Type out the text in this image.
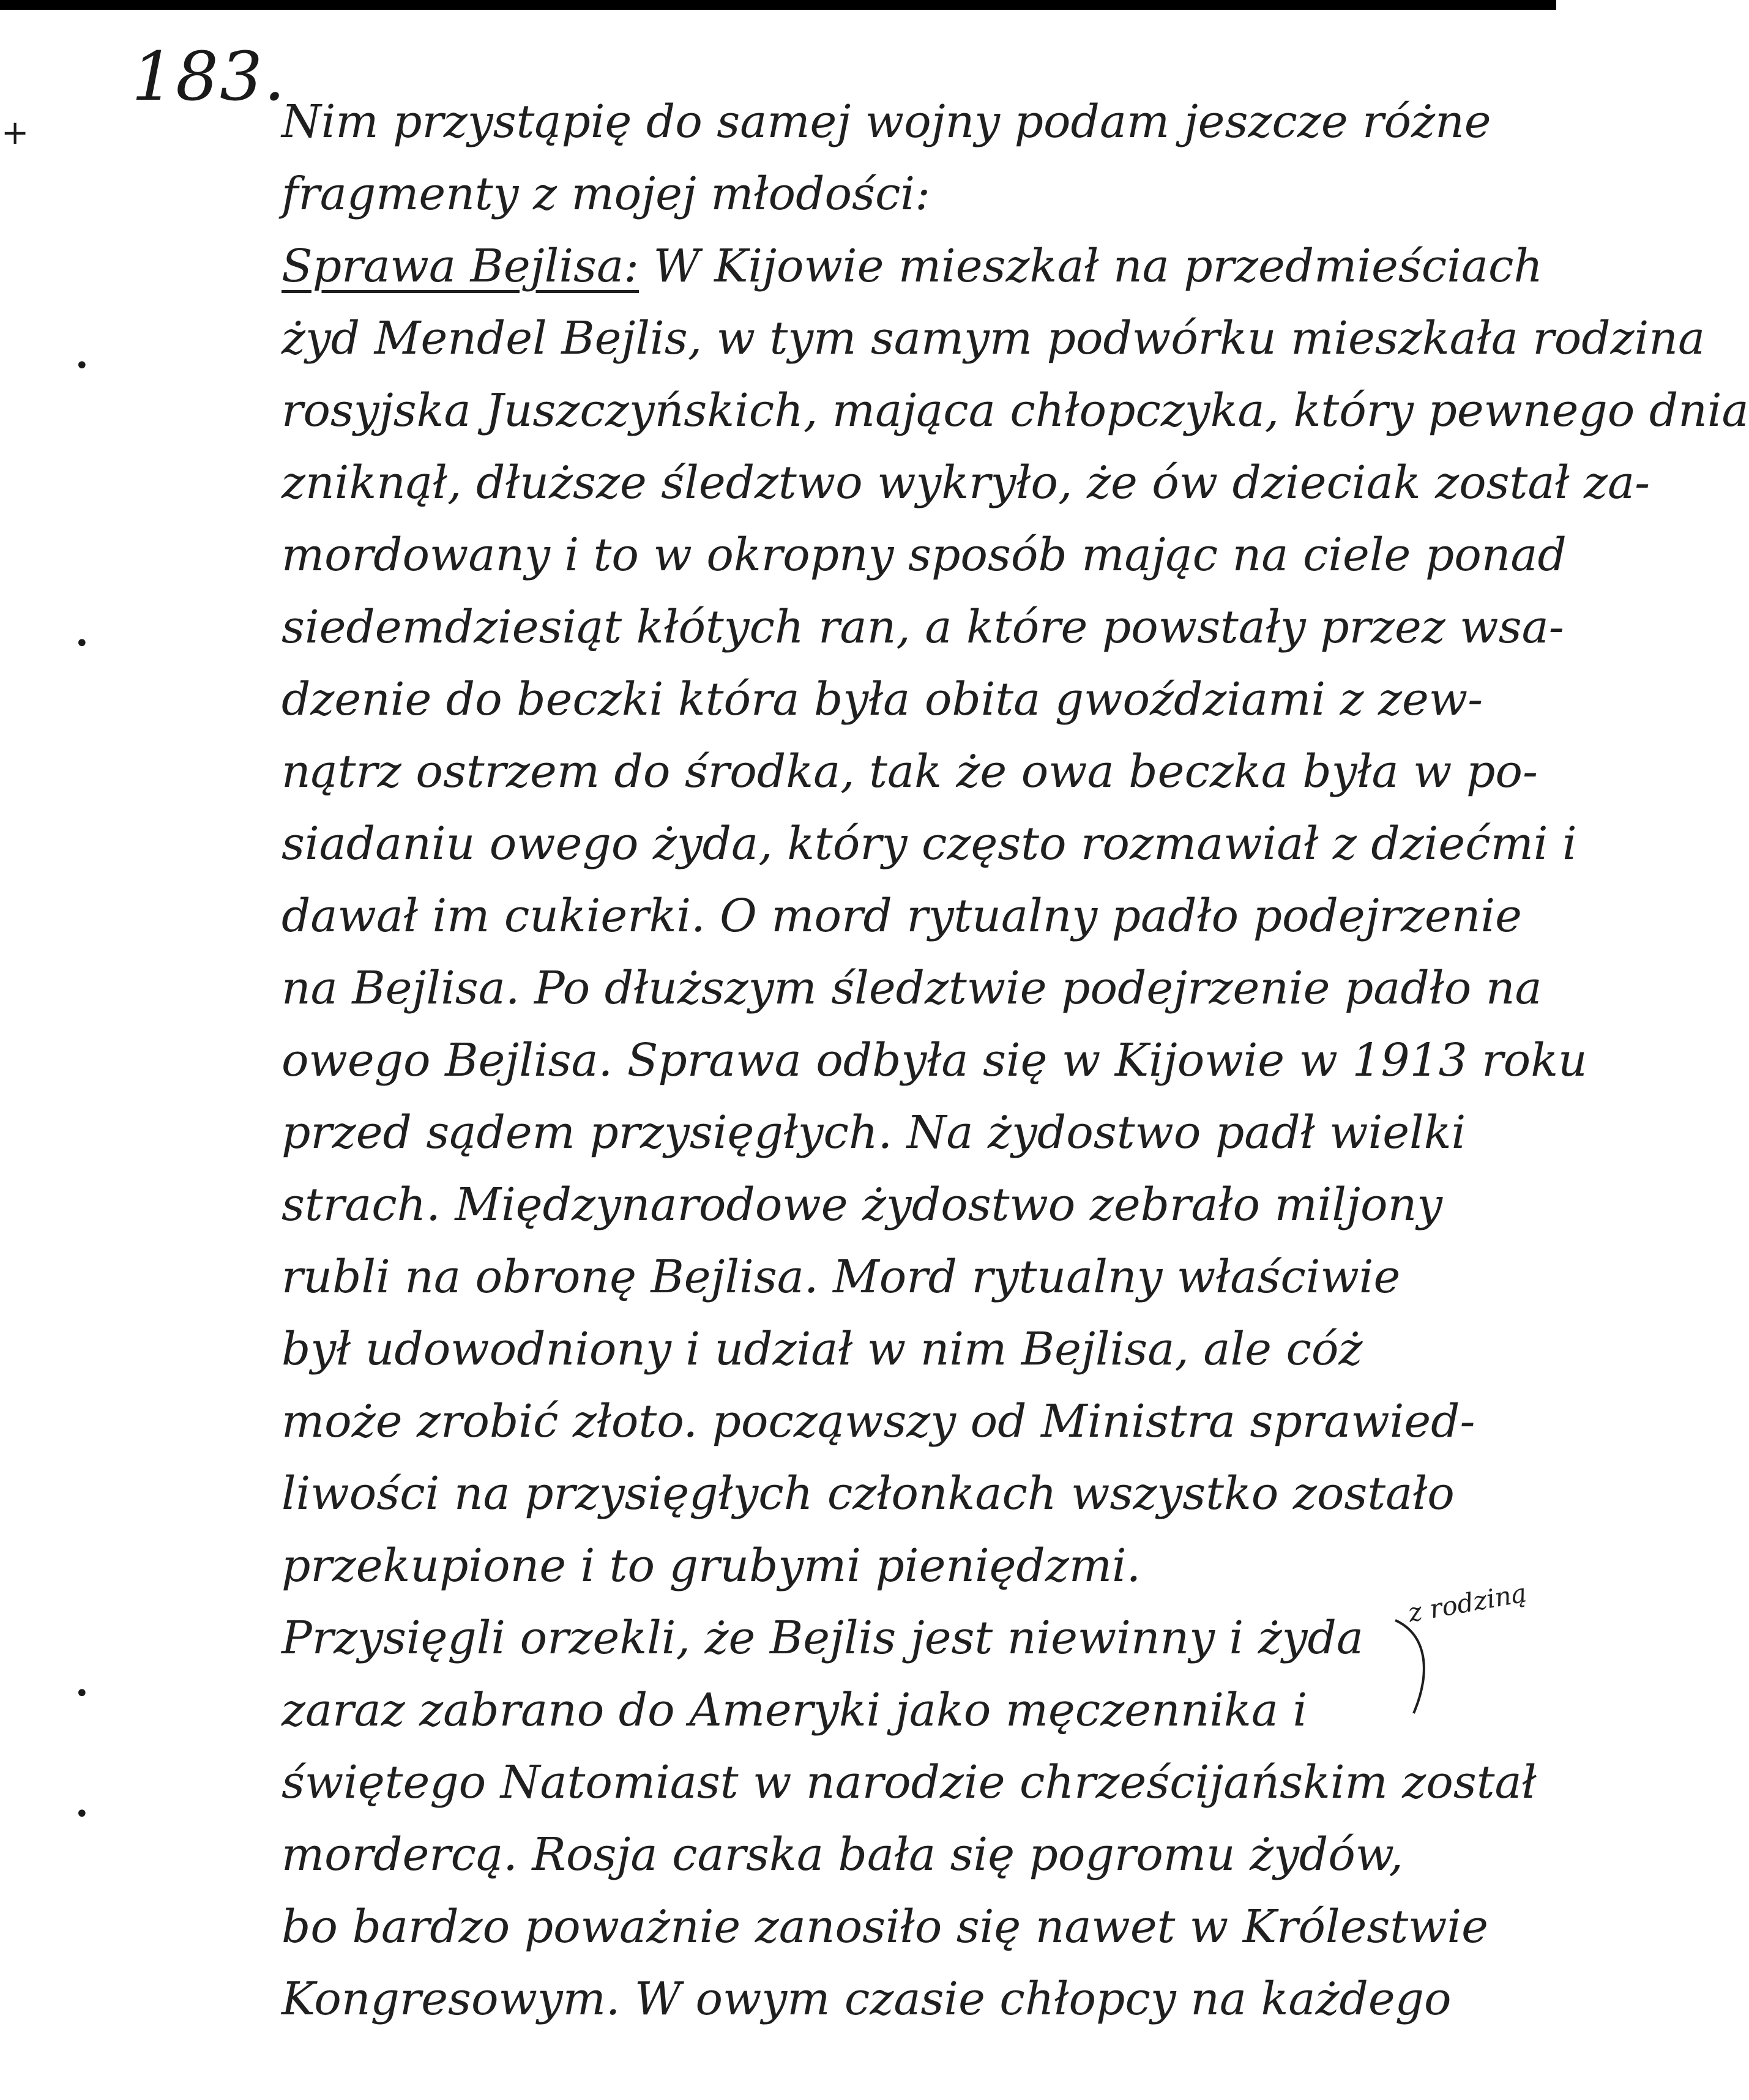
183.
+
•
•
•
•
Nim przystąpię do samej wojny podam jeszcze różne
fragmenty z mojej młodości:
Sprawa Bejlisa: W Kijowie mieszkał na przedmieściach
żyd Mendel Bejlis, w tym samym podwórku mieszkała rodzina
rosyjska Juszczyńskich, mająca chłopczyka, który pewnego dnia
zniknął, dłuższe śledztwo wykryło, że ów dzieciak został za-
mordowany i to w okropny sposób mając na ciele ponad
siedemdziesiąt kłótych ran, a które powstały przez wsa-
dzenie do beczki która była obita gwoździami z zew-
nątrz ostrzem do środka, tak że owa beczka była w po-
siadaniu owego żyda, który często rozmawiał z dziećmi i
dawał im cukierki. O mord rytualny padło podejrzenie
na Bejlisa. Po dłuższym śledztwie podejrzenie padło na
owego Bejlisa. Sprawa odbyła się w Kijowie w 1913 roku
przed sądem przysięgłych. Na żydostwo padł wielki
strach. Międzynarodowe żydostwo zebrało miljony
rubli na obronę Bejlisa. Mord rytualny właściwie
był udowodniony i udział w nim Bejlisa, ale cóż
może zrobić złoto. począwszy od Ministra sprawied-
liwości na przysięgłych członkach wszystko zostało
przekupione i to grubymi pieniędzmi.
Przysięgli orzekli, że Bejlis jest niewinny i żyda
zaraz zabrano do Ameryki jako męczennika i
świętego Natomiast w narodzie chrześcijańskim został
mordercą. Rosja carska bała się pogromu żydów,
bo bardzo poważnie zanosiło się nawet w Królestwie
Kongresowym. W owym czasie chłopcy na każdego
z rodziną
